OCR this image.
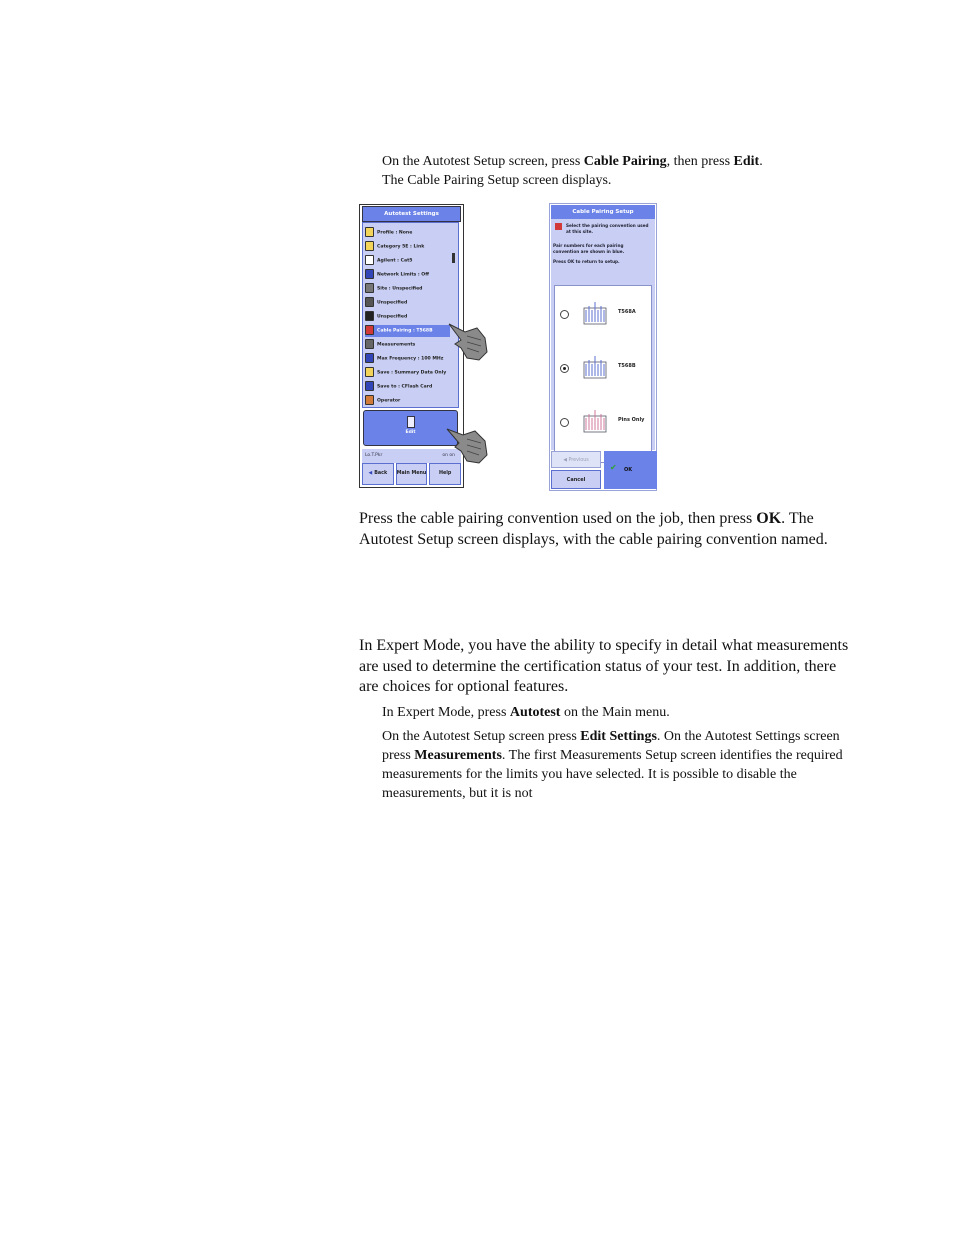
On the Autotest Setup screen, press Cable Pairing, then press Edit.
The Cable Pairing Setup screen displays.
Autotest Settings
Profile : None
Category 5E : Link
Agilent : Cat5
Network Limits : Off
Site : Unspecified
Unspecified
Unspecified
Cable Pairing : T568B
Measurements
Max Frequency : 100 MHz
Save : Summary Data Only
Save to : CFlash Card
Operator
Edit
Lo.T.Pkr	on on
◀ Back Main Menu	Help
Cable Pairing Setup
Select the pairing convention used at this site.
Pair numbers for each pairing convention are shown in blue.
Press OK to return to setup.
T568A
T568B
Pins Only
◀ Previous
Cancel
✔ OK
Press the cable pairing convention used on the job, then press OK. The Autotest Setup screen displays, with the cable pairing convention named.
In Expert Mode, you have the ability to specify in detail what measurements are used to determine the certification status of your test. In addition, there are choices for optional features.
In Expert Mode, press Autotest on the Main menu.
On the Autotest Setup screen press Edit Settings. On the Autotest Settings screen press Measurements. The first Measurements Setup screen identifies the required measurements for the limits you have selected. It is possible to disable the measurements, but it is not
